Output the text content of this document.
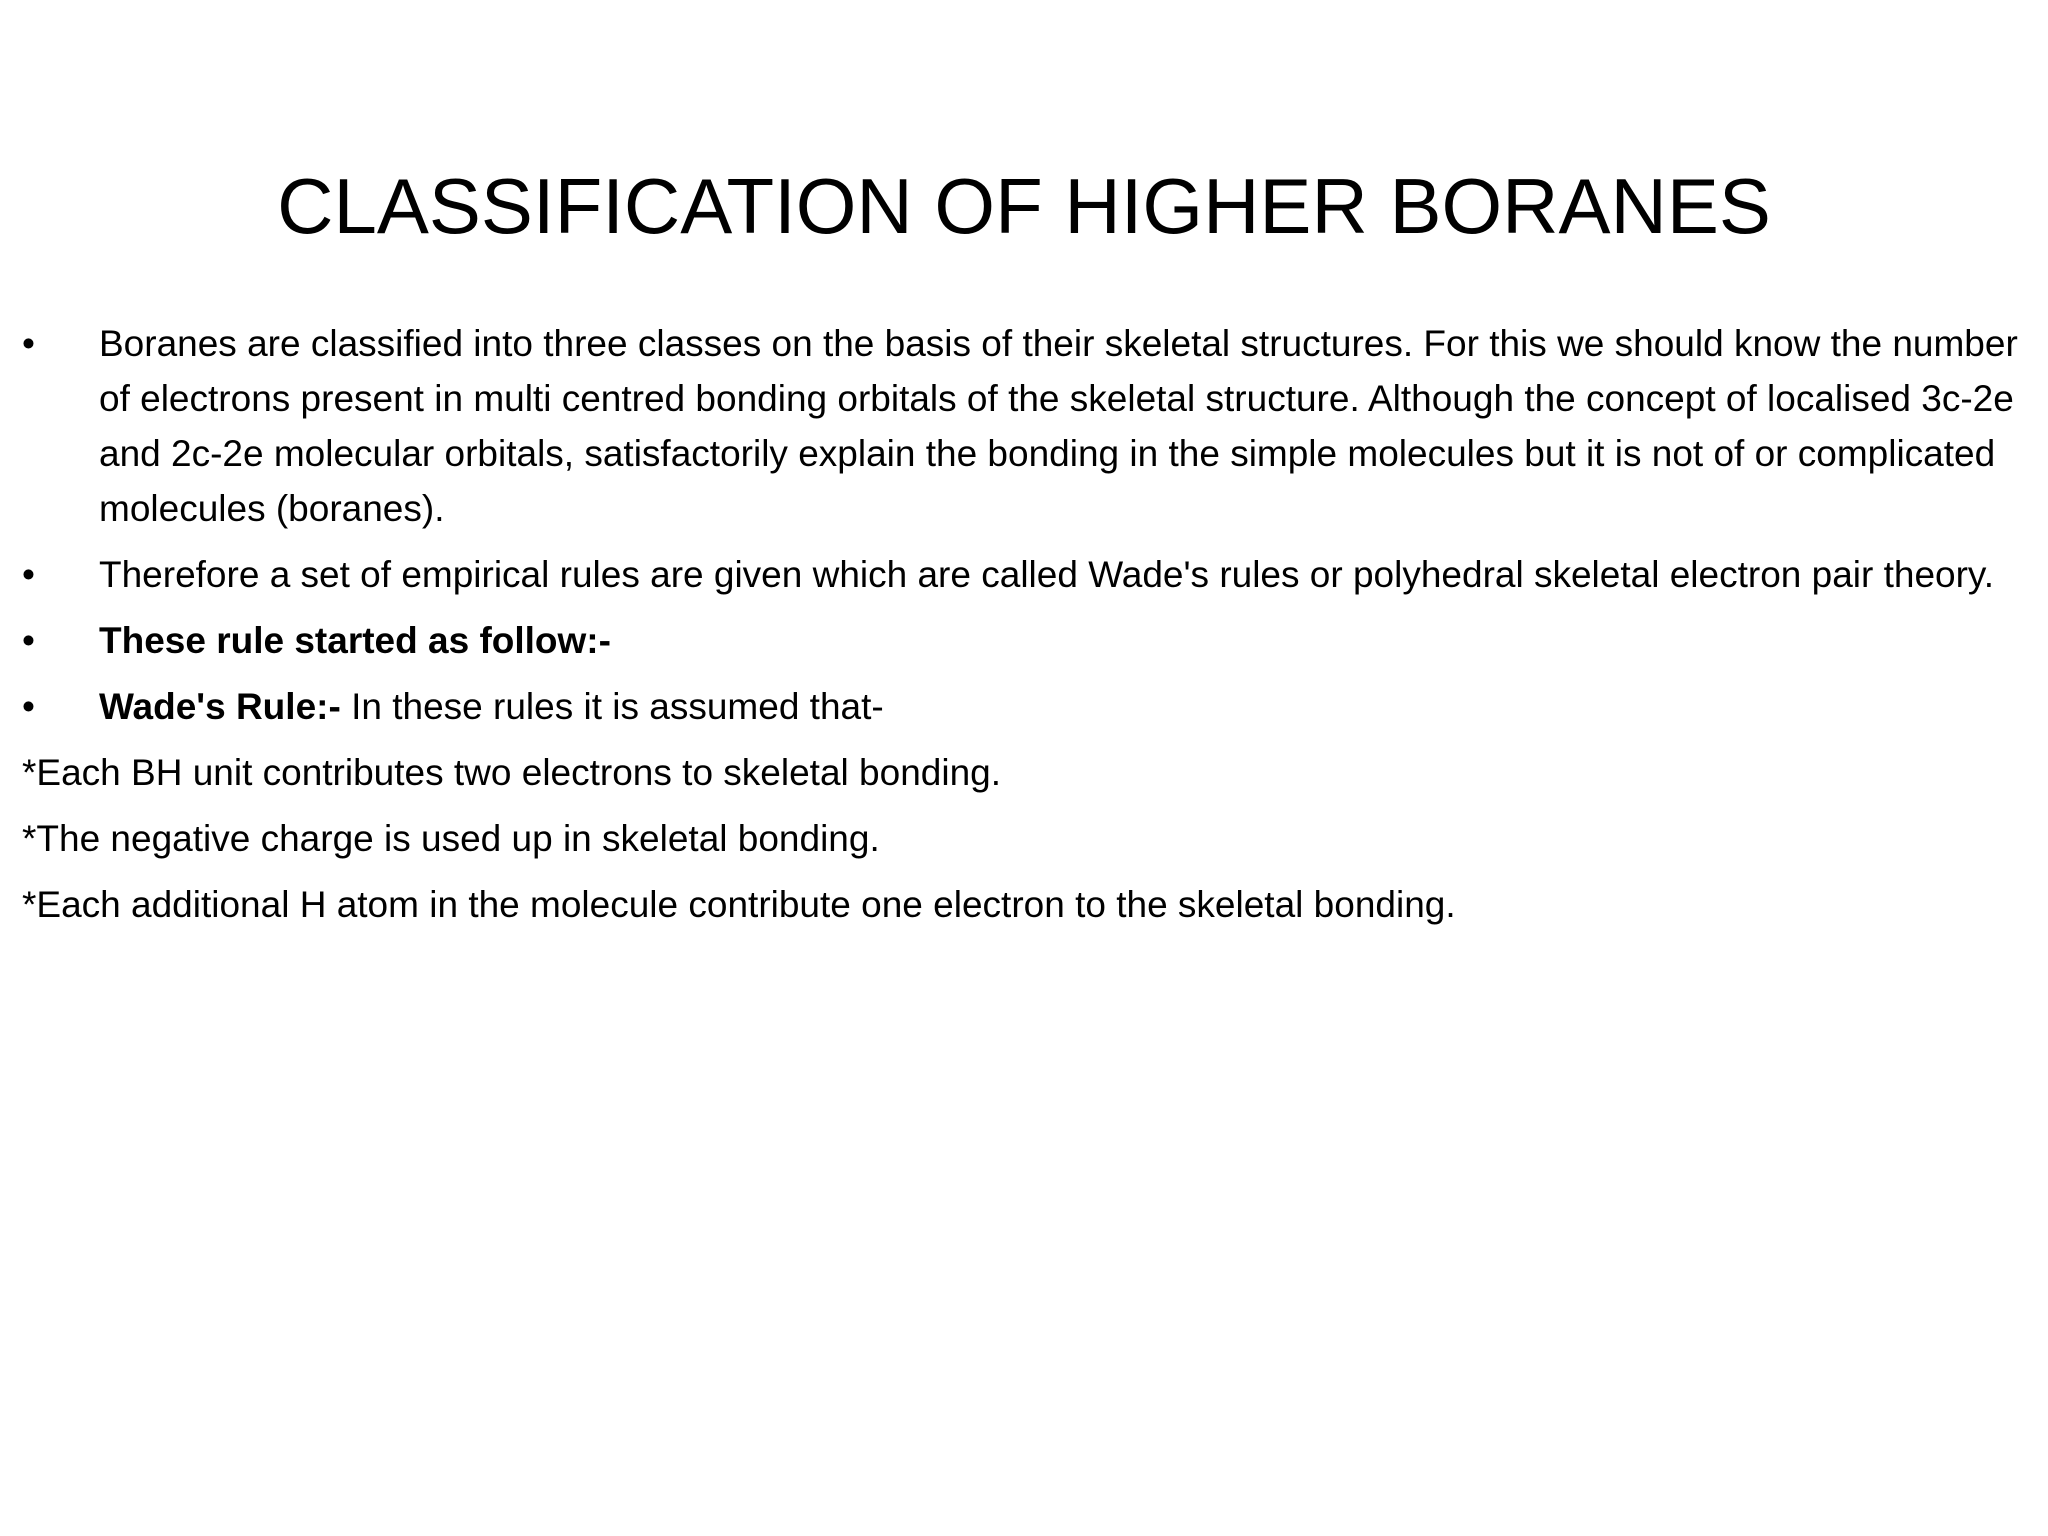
CLASSIFICATION OF HIGHER BORANES
•	Boranes are classified into three classes on the basis of their skeletal structures. For this we should know the number of electrons present in multi centred bonding orbitals of the skeletal structure. Although the concept of localised 3c-2e and 2c-2e molecular orbitals, satisfactorily explain the bonding in the simple molecules but it is not of or complicated molecules (boranes).
•	Therefore a set of empirical rules are given which are called Wade's rules or polyhedral skeletal electron pair theory.
•	These rule started as follow:-
•	Wade's Rule:- In these rules it is assumed that-

*Each BH unit contributes two electrons to skeletal bonding.

*The negative charge is used up in skeletal bonding.

*Each additional H atom in the molecule contribute one electron to the skeletal bonding.
